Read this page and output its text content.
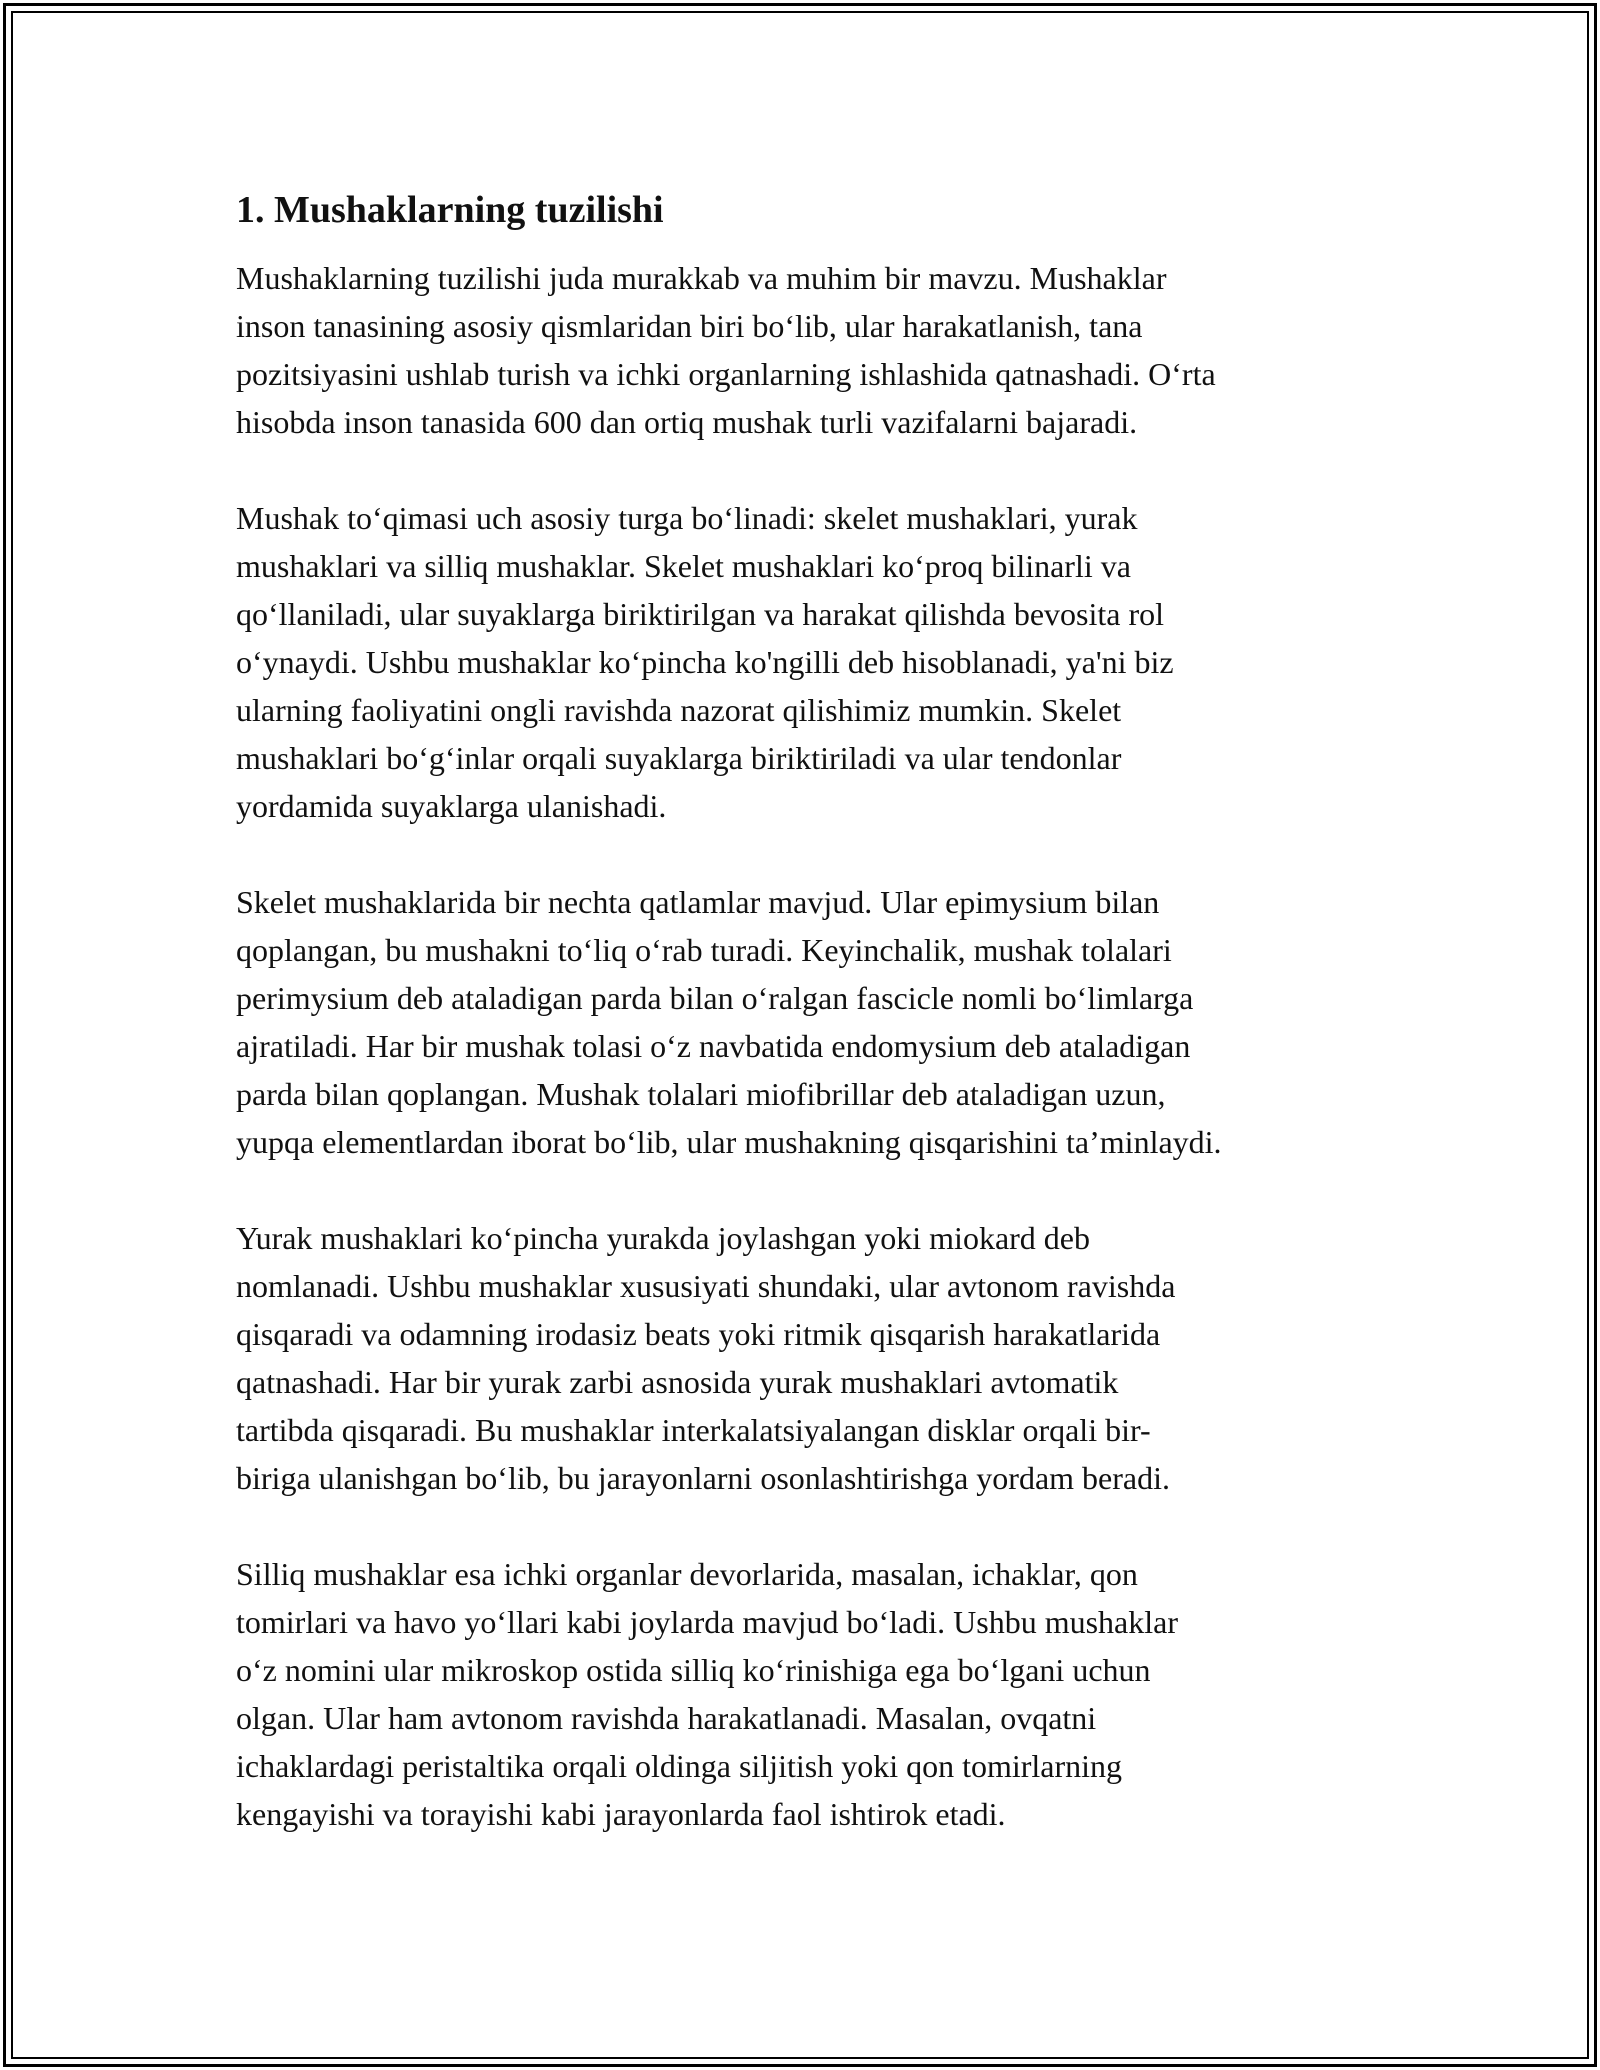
1. Mushaklarning tuzilishi
Mushaklarning tuzilishi juda murakkab va muhim bir mavzu. Mushaklar
inson tanasining asosiy qismlaridan biri bo‘lib, ular harakatlanish, tana
pozitsiyasini ushlab turish va ichki organlarning ishlashida qatnashadi. O‘rta
hisobda inson tanasida 600 dan ortiq mushak turli vazifalarni bajaradi.
Mushak to‘qimasi uch asosiy turga bo‘linadi: skelet mushaklari, yurak
mushaklari va silliq mushaklar. Skelet mushaklari ko‘proq bilinarli va
qo‘llaniladi, ular suyaklarga biriktirilgan va harakat qilishda bevosita rol
o‘ynaydi. Ushbu mushaklar ko‘pincha ko'ngilli deb hisoblanadi, ya'ni biz
ularning faoliyatini ongli ravishda nazorat qilishimiz mumkin. Skelet
mushaklari bo‘g‘inlar orqali suyaklarga biriktiriladi va ular tendonlar
yordamida suyaklarga ulanishadi.
Skelet mushaklarida bir nechta qatlamlar mavjud. Ular epimysium bilan
qoplangan, bu mushakni to‘liq o‘rab turadi. Keyinchalik, mushak tolalari
perimysium deb ataladigan parda bilan o‘ralgan fascicle nomli bo‘limlarga
ajratiladi. Har bir mushak tolasi o‘z navbatida endomysium deb ataladigan
parda bilan qoplangan. Mushak tolalari miofibrillar deb ataladigan uzun,
yupqa elementlardan iborat bo‘lib, ular mushakning qisqarishini ta’minlaydi.
Yurak mushaklari ko‘pincha yurakda joylashgan yoki miokard deb
nomlanadi. Ushbu mushaklar xususiyati shundaki, ular avtonom ravishda
qisqaradi va odamning irodasiz beats yoki ritmik qisqarish harakatlarida
qatnashadi. Har bir yurak zarbi asnosida yurak mushaklari avtomatik
tartibda qisqaradi. Bu mushaklar interkalatsiyalangan disklar orqali bir-
biriga ulanishgan bo‘lib, bu jarayonlarni osonlashtirishga yordam beradi.
Silliq mushaklar esa ichki organlar devorlarida, masalan, ichaklar, qon
tomirlari va havo yo‘llari kabi joylarda mavjud bo‘ladi. Ushbu mushaklar
o‘z nomini ular mikroskop ostida silliq ko‘rinishiga ega bo‘lgani uchun
olgan. Ular ham avtonom ravishda harakatlanadi. Masalan, ovqatni
ichaklardagi peristaltika orqali oldinga siljitish yoki qon tomirlarning
kengayishi va torayishi kabi jarayonlarda faol ishtirok etadi.
